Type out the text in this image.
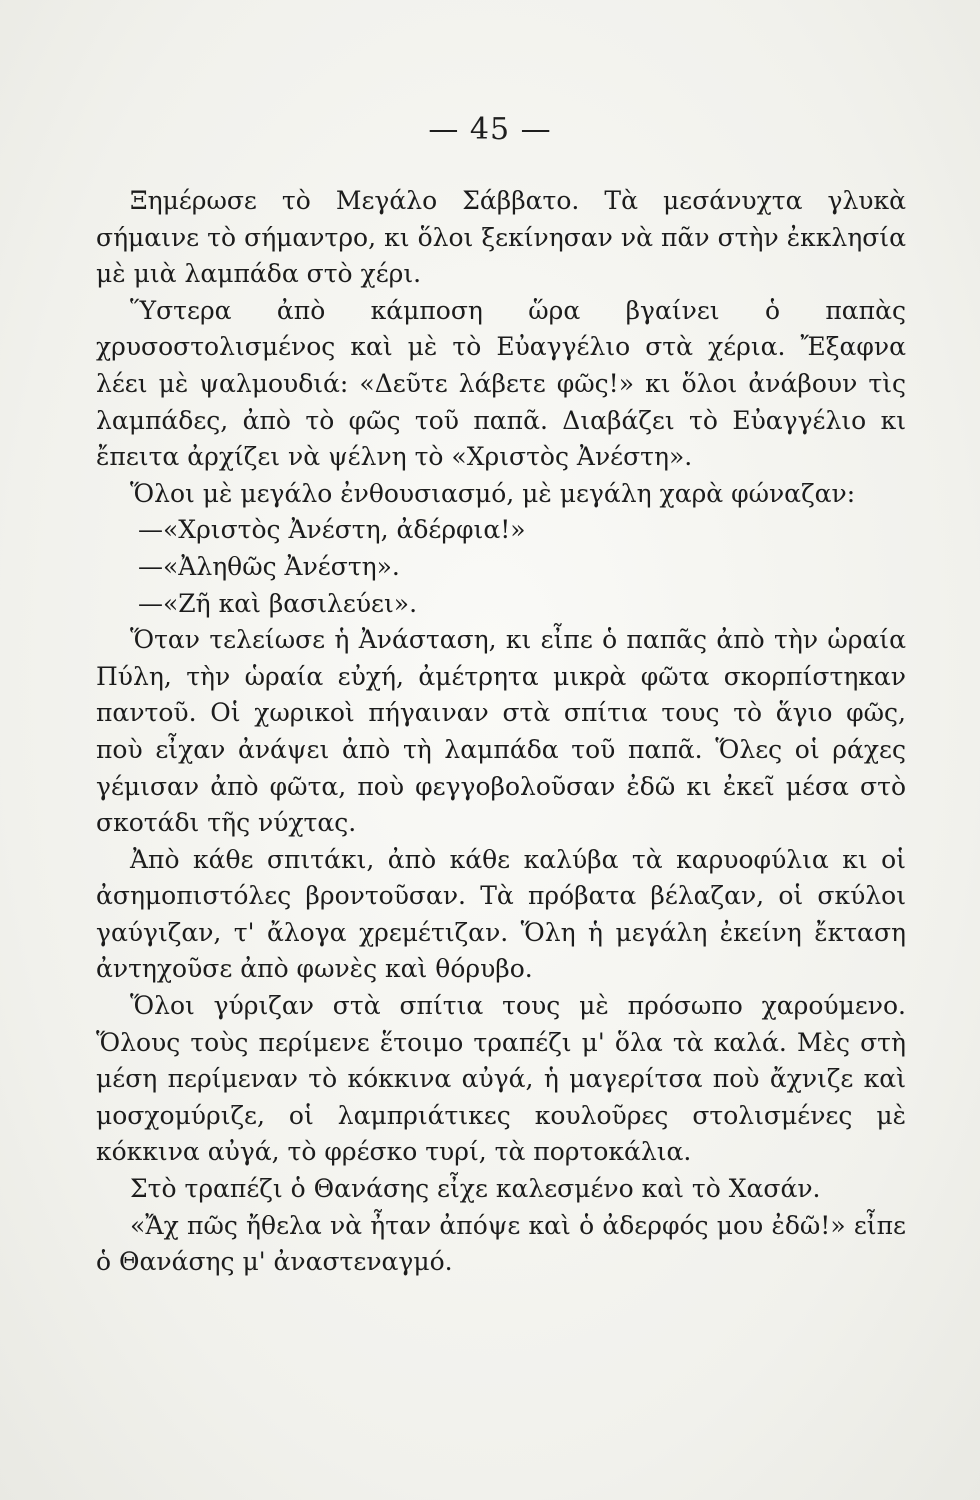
— 45 —

Ξημέρωσε τὸ Μεγάλο Σάββατο. Τὰ μεσάνυχτα γλυκὰ σήμαινε τὸ σήμαντρο, κι ὅλοι ξεκίνησαν νὰ πᾶν στὴν ἐκκλησία μὲ μιὰ λαμπάδα στὸ χέρι.

Ὕστερα ἀπὸ κάμποση ὥρα βγαίνει ὁ παπὰς χρυσοστολισμένος καὶ μὲ τὸ Εὐαγγέλιο στὰ χέρια. Ἔξαφνα λέει μὲ ψαλμουδιά: «Δεῦτε λάβετε φῶς!» κι ὅλοι ἀνάβουν τὶς λαμπάδες, ἀπὸ τὸ φῶς τοῦ παπᾶ. Διαβάζει τὸ Εὐαγγέλιο κι ἔπειτα ἀρχίζει νὰ ψέλνη τὸ «Χριστὸς Ἀνέστη».

Ὅλοι μὲ μεγάλο ἐνθουσιασμό, μὲ μεγάλη χαρὰ φώναζαν:

—«Χριστὸς Ἀνέστη, ἀδέρφια!»

—«Ἀληθῶς Ἀνέστη».

—«Ζῆ καὶ βασιλεύει».

Ὅταν τελείωσε ἡ Ἀνάσταση, κι εἶπε ὁ παπᾶς ἀπὸ τὴν ὡραία Πύλη, τὴν ὡραία εὐχή, ἀμέτρητα μικρὰ φῶτα σκορπίστηκαν παντοῦ. Οἱ χωρικοὶ πήγαιναν στὰ σπίτια τους τὸ ἅγιο φῶς, ποὺ εἶχαν ἀνάψει ἀπὸ τὴ λαμπάδα τοῦ παπᾶ. Ὅλες οἱ ράχες γέμισαν ἀπὸ φῶτα, ποὺ φεγγοβολοῦσαν ἐδῶ κι ἐκεῖ μέσα στὸ σκοτάδι τῆς νύχτας.

Ἀπὸ κάθε σπιτάκι, ἀπὸ κάθε καλύβα τὰ καρυοφύλια κι οἱ ἀσημοπιστόλες βροντοῦσαν. Τὰ πρόβατα βέλαζαν, οἱ σκύλοι γαύγιζαν, τ' ἄλογα χρεμέτιζαν. Ὅλη ἡ μεγάλη ἐκείνη ἔκταση ἀντηχοῦσε ἀπὸ φωνὲς καὶ θόρυβο.

Ὅλοι γύριζαν στὰ σπίτια τους μὲ πρόσωπο χαρούμενο. Ὅλους τοὺς περίμενε ἕτοιμο τραπέζι μ' ὅλα τὰ καλά. Μὲς στὴ μέση περίμεναν τὸ κόκκινα αὐγά, ἡ μαγερίτσα ποὺ ἄχνιζε καὶ μοσχομύριζε, οἱ λαμπριάτικες κουλοῦρες στολισμένες μὲ κόκκινα αὐγά, τὸ φρέσκο τυρί, τὰ πορτοκάλια.

Στὸ τραπέζι ὁ Θανάσης εἶχε καλεσμένο καὶ τὸ Χασάν.

«Ἄχ πῶς ἤθελα νὰ ἦταν ἀπόψε καὶ ὁ ἀδερφός μου ἐδῶ!» εἶπε ὁ Θανάσης μ' ἀναστεναγμό.
